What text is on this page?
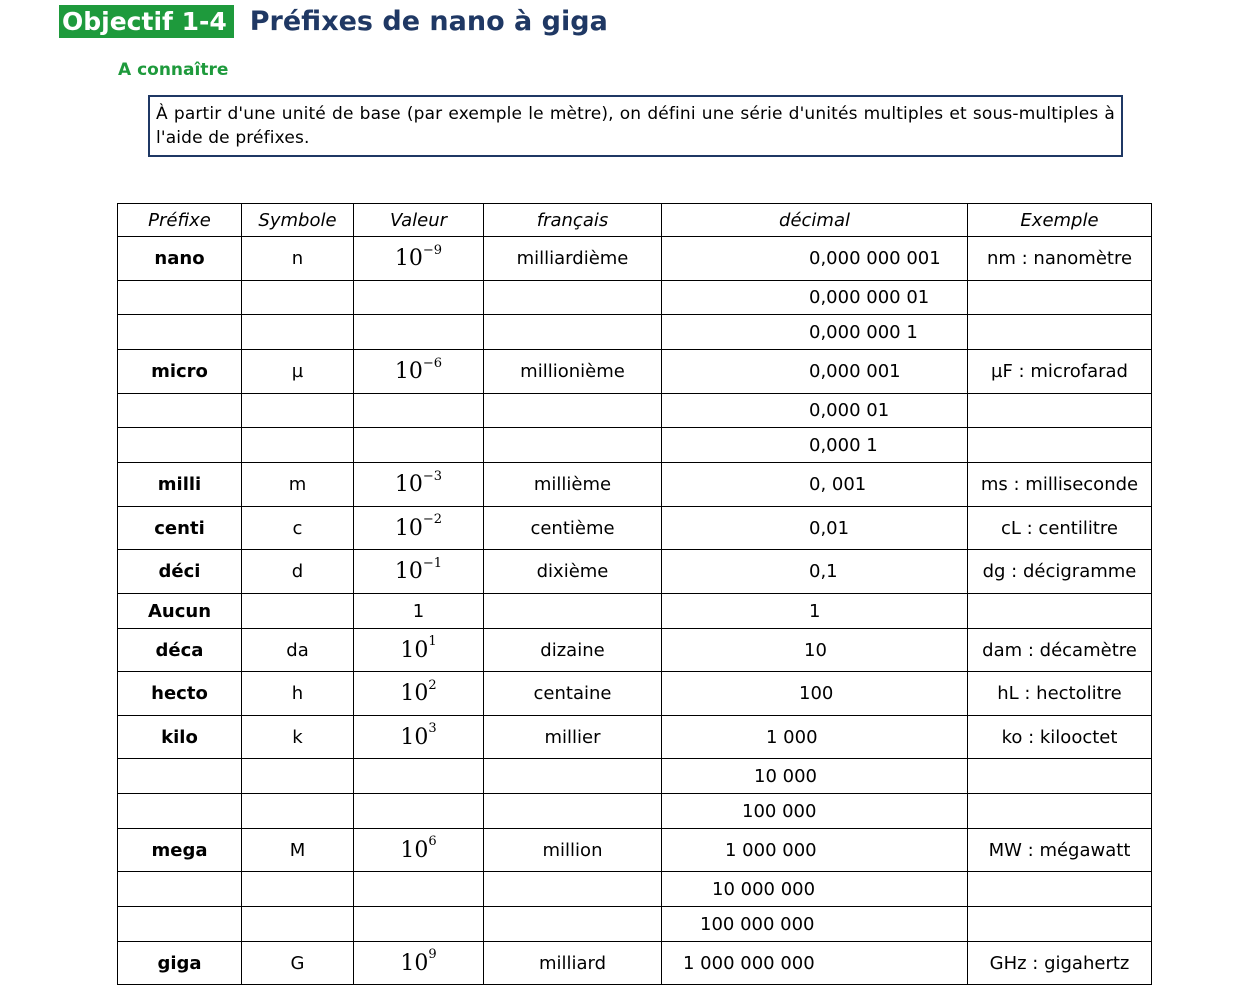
Objectif 1-4 Préfixes de nano à giga
A connaître
À partir d'une unité de base (par exemple le mètre), on défini une série d'unités multiples et sous-multiples à l'aide de préfixes.
Préfixe	Symbole	Valeur	français	décimal	Exemple
nano	n	$10^{-9}$	milliardième	0,000 000 001	nm : nanomètre
				0,000 000 01	
				0,000 000 1	
micro	µ	$10^{-6}$	millionième	0,000 001	µF : microfarad
				0,000 01	
				0,000 1	
milli	m	$10^{-3}$	millième	0, 001	ms : milliseconde
centi	c	$10^{-2}$	centième	0,01	cL : centilitre
déci	d	$10^{-1}$	dixième	0,1	dg : décigramme
Aucun		1		1	
déca	da	$10^1$	dizaine	10	dam : décamètre
hecto	h	$10^2$	centaine	100	hL : hectolitre
kilo	k	$10^3$	millier	1 000	ko : kilooctet
				10 000	
				100 000	
mega	M	$10^6$	million	1 000 000	MW : mégawatt
				10 000 000	
				100 000 000	
giga	G	$10^9$	milliard	1 000 000 000	GHz : gigahertz
